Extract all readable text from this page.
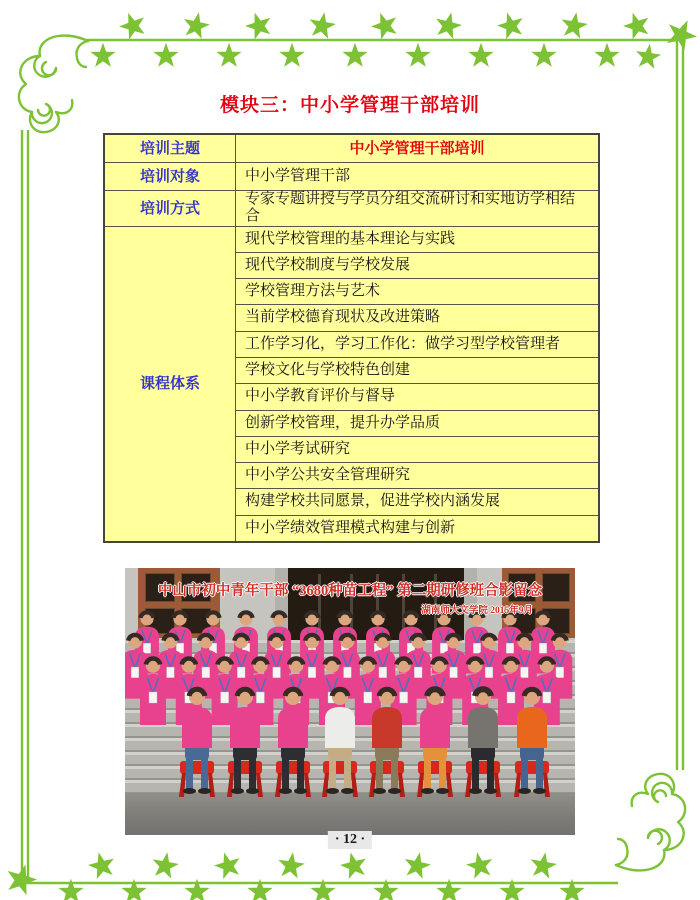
模块三：中小学管理干部培训
培训主题	中小学管理干部培训
培训对象	中小学管理干部
培训方式	专家专题讲授与学员分组交流研讨和实地访学相结合
课程体系	现代学校管理的基本理论与实践
	现代学校制度与学校发展
	学校管理方法与艺术
	当前学校德育现状及改进策略
	工作学习化，学习工作化：做学习型学校管理者
	学校文化与学校特色创建
	中小学教育评价与督导
	创新学校管理，提升办学品质
	中小学考试研究
	中小学公共安全管理研究
	构建学校共同愿景，促进学校内涵发展
	中小学绩效管理模式构建与创新
中山市初中青年干部 “3680种苗工程” 第二期研修班合影留念
湖南师大文学院 2015年9月
· 12 ·
